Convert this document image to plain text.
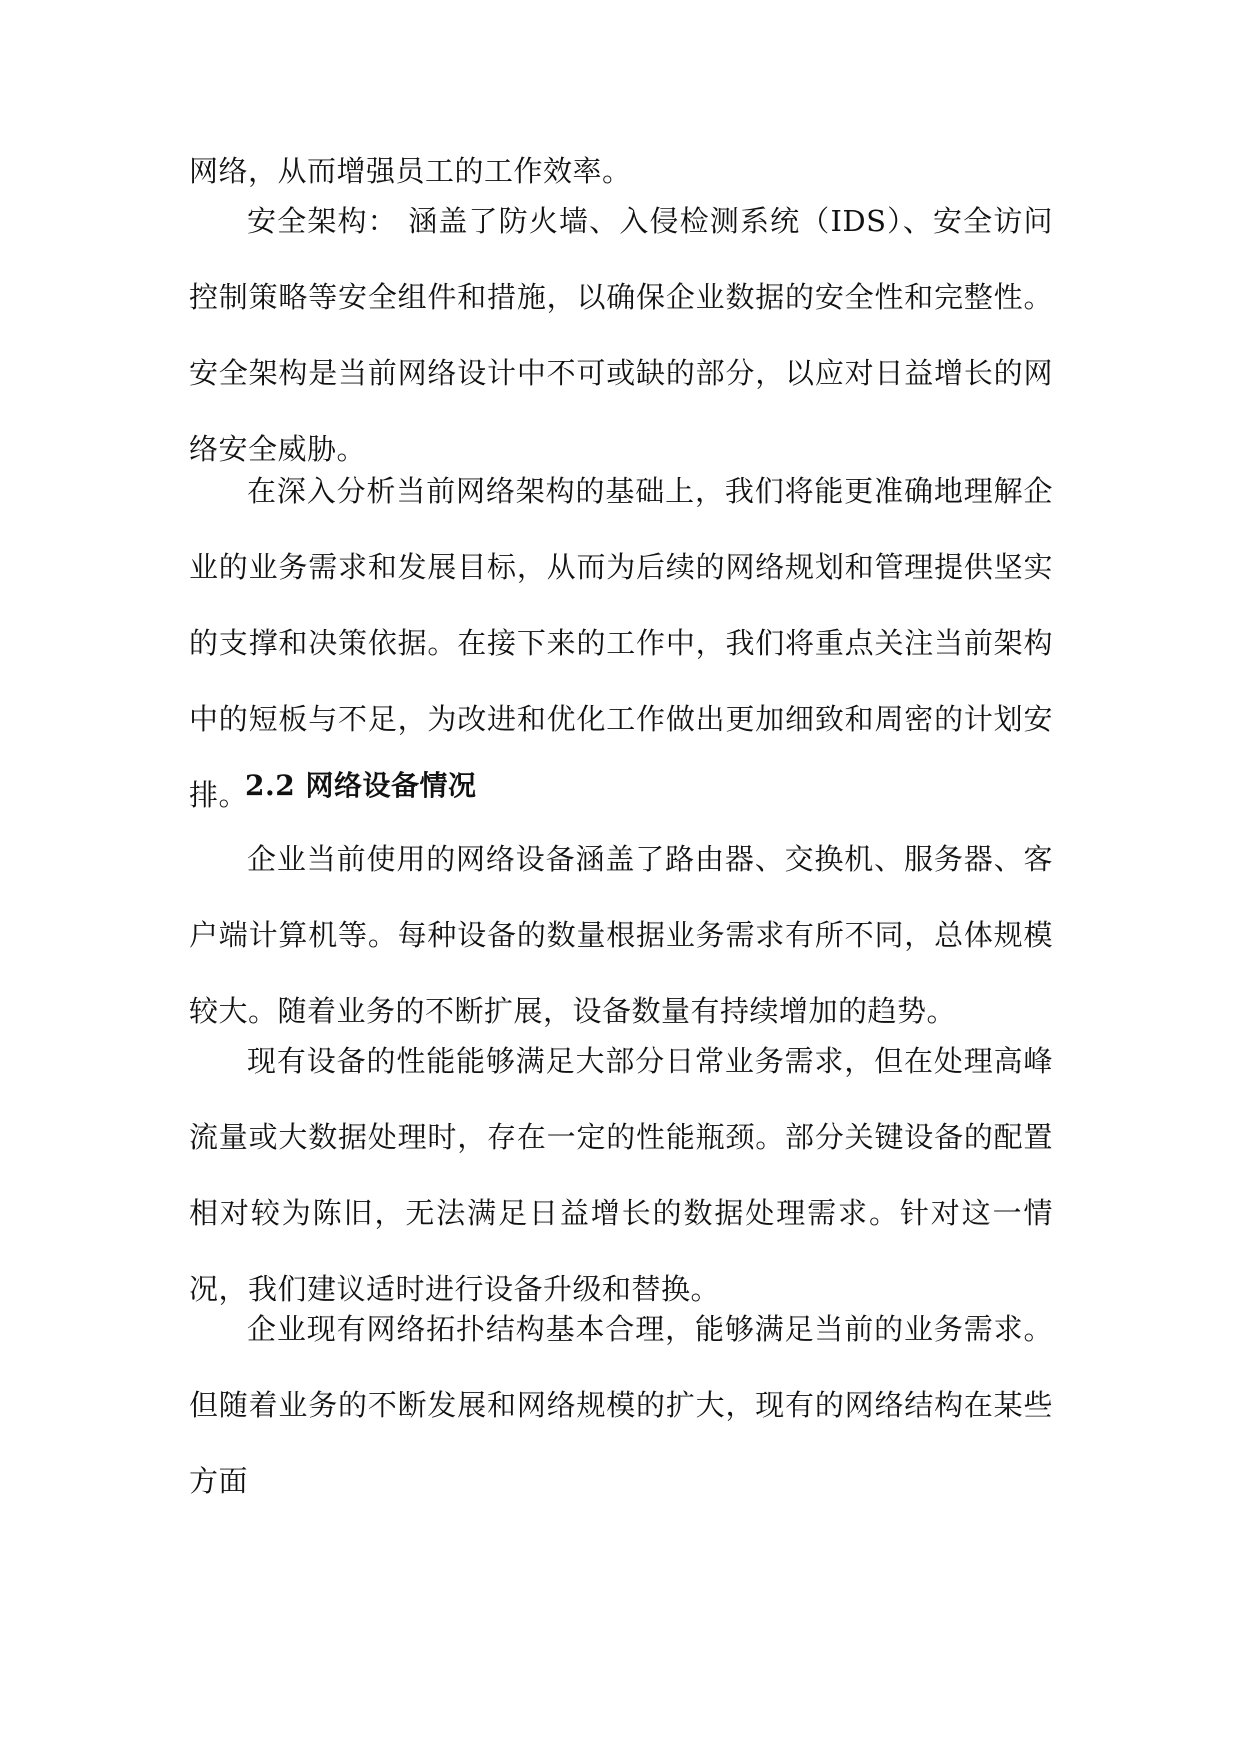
网络，从而增强员工的工作效率。

安全架构： 涵盖了防火墙、入侵检测系统（IDS）、安全访问控制策略等安全组件和措施，以确保企业数据的安全性和完整性。安全架构是当前网络设计中不可或缺的部分，以应对日益增长的网络安全威胁。

在深入分析当前网络架构的基础上，我们将能更准确地理解企业的业务需求和发展目标，从而为后续的网络规划和管理提供坚实的支撑和决策依据。在接下来的工作中，我们将重点关注当前架构中的短板与不足，为改进和优化工作做出更加细致和周密的计划安排。

2.2 网络设备情况

企业当前使用的网络设备涵盖了路由器、交换机、服务器、客户端计算机等。每种设备的数量根据业务需求有所不同，总体规模较大。随着业务的不断扩展，设备数量有持续增加的趋势。

现有设备的性能能够满足大部分日常业务需求，但在处理高峰流量或大数据处理时，存在一定的性能瓶颈。部分关键设备的配置相对较为陈旧，无法满足日益增长的数据处理需求。针对这一情况，我们建议适时进行设备升级和替换。

企业现有网络拓扑结构基本合理，能够满足当前的业务需求。但随着业务的不断发展和网络规模的扩大，现有的网络结构在某些方面
